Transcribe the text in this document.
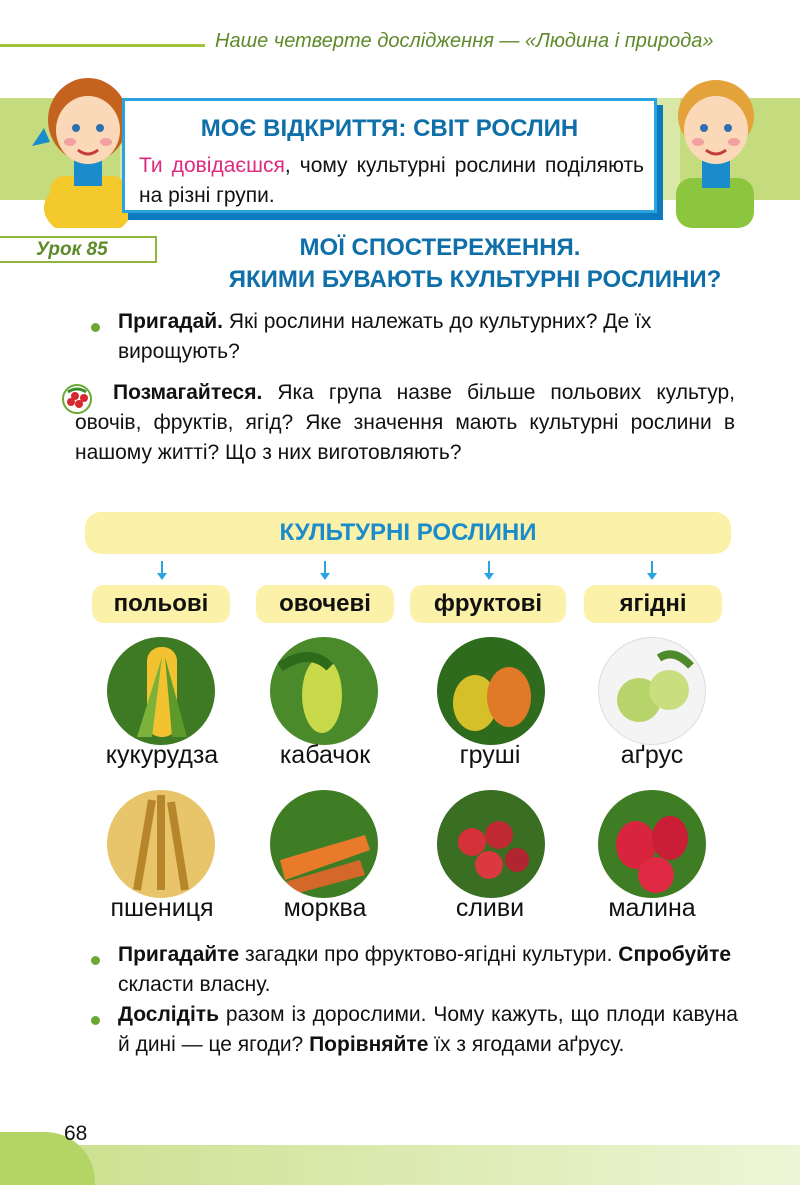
Наше четверте дослідження — «Людина і природа»
МОЄ ВІДКРИТТЯ: СВІТ РОСЛИН
Ти довідаєшся, чому культурні рослини поділяють на різні групи.
Урок 85	МОЇ СПОСТЕРЕЖЕННЯ.
ЯКИМИ БУВАЮТЬ КУЛЬТУРНІ РОСЛИНИ?
Пригадай. Які рослини належать до культурних? Де їх вирощують?
Позмагайтеся. Яка група назве більше польових культур, овочів, фруктів, ягід? Яке значення мають культурні рослини в нашому житті? Що з них виготовляють?
КУЛЬТУРНІ РОСЛИНИ
польові	овочеві	фруктові	ягідні
кукурудза	кабачок	груші	аґрус
пшениця	морква	сливи	малина
Пригадайте загадки про фруктово-ягідні культури. Спробуйте скласти власну.
Дослідіть разом із дорослими. Чому кажуть, що плоди кавуна й дині — це ягоди? Порівняйте їх з ягодами аґрусу.
68
